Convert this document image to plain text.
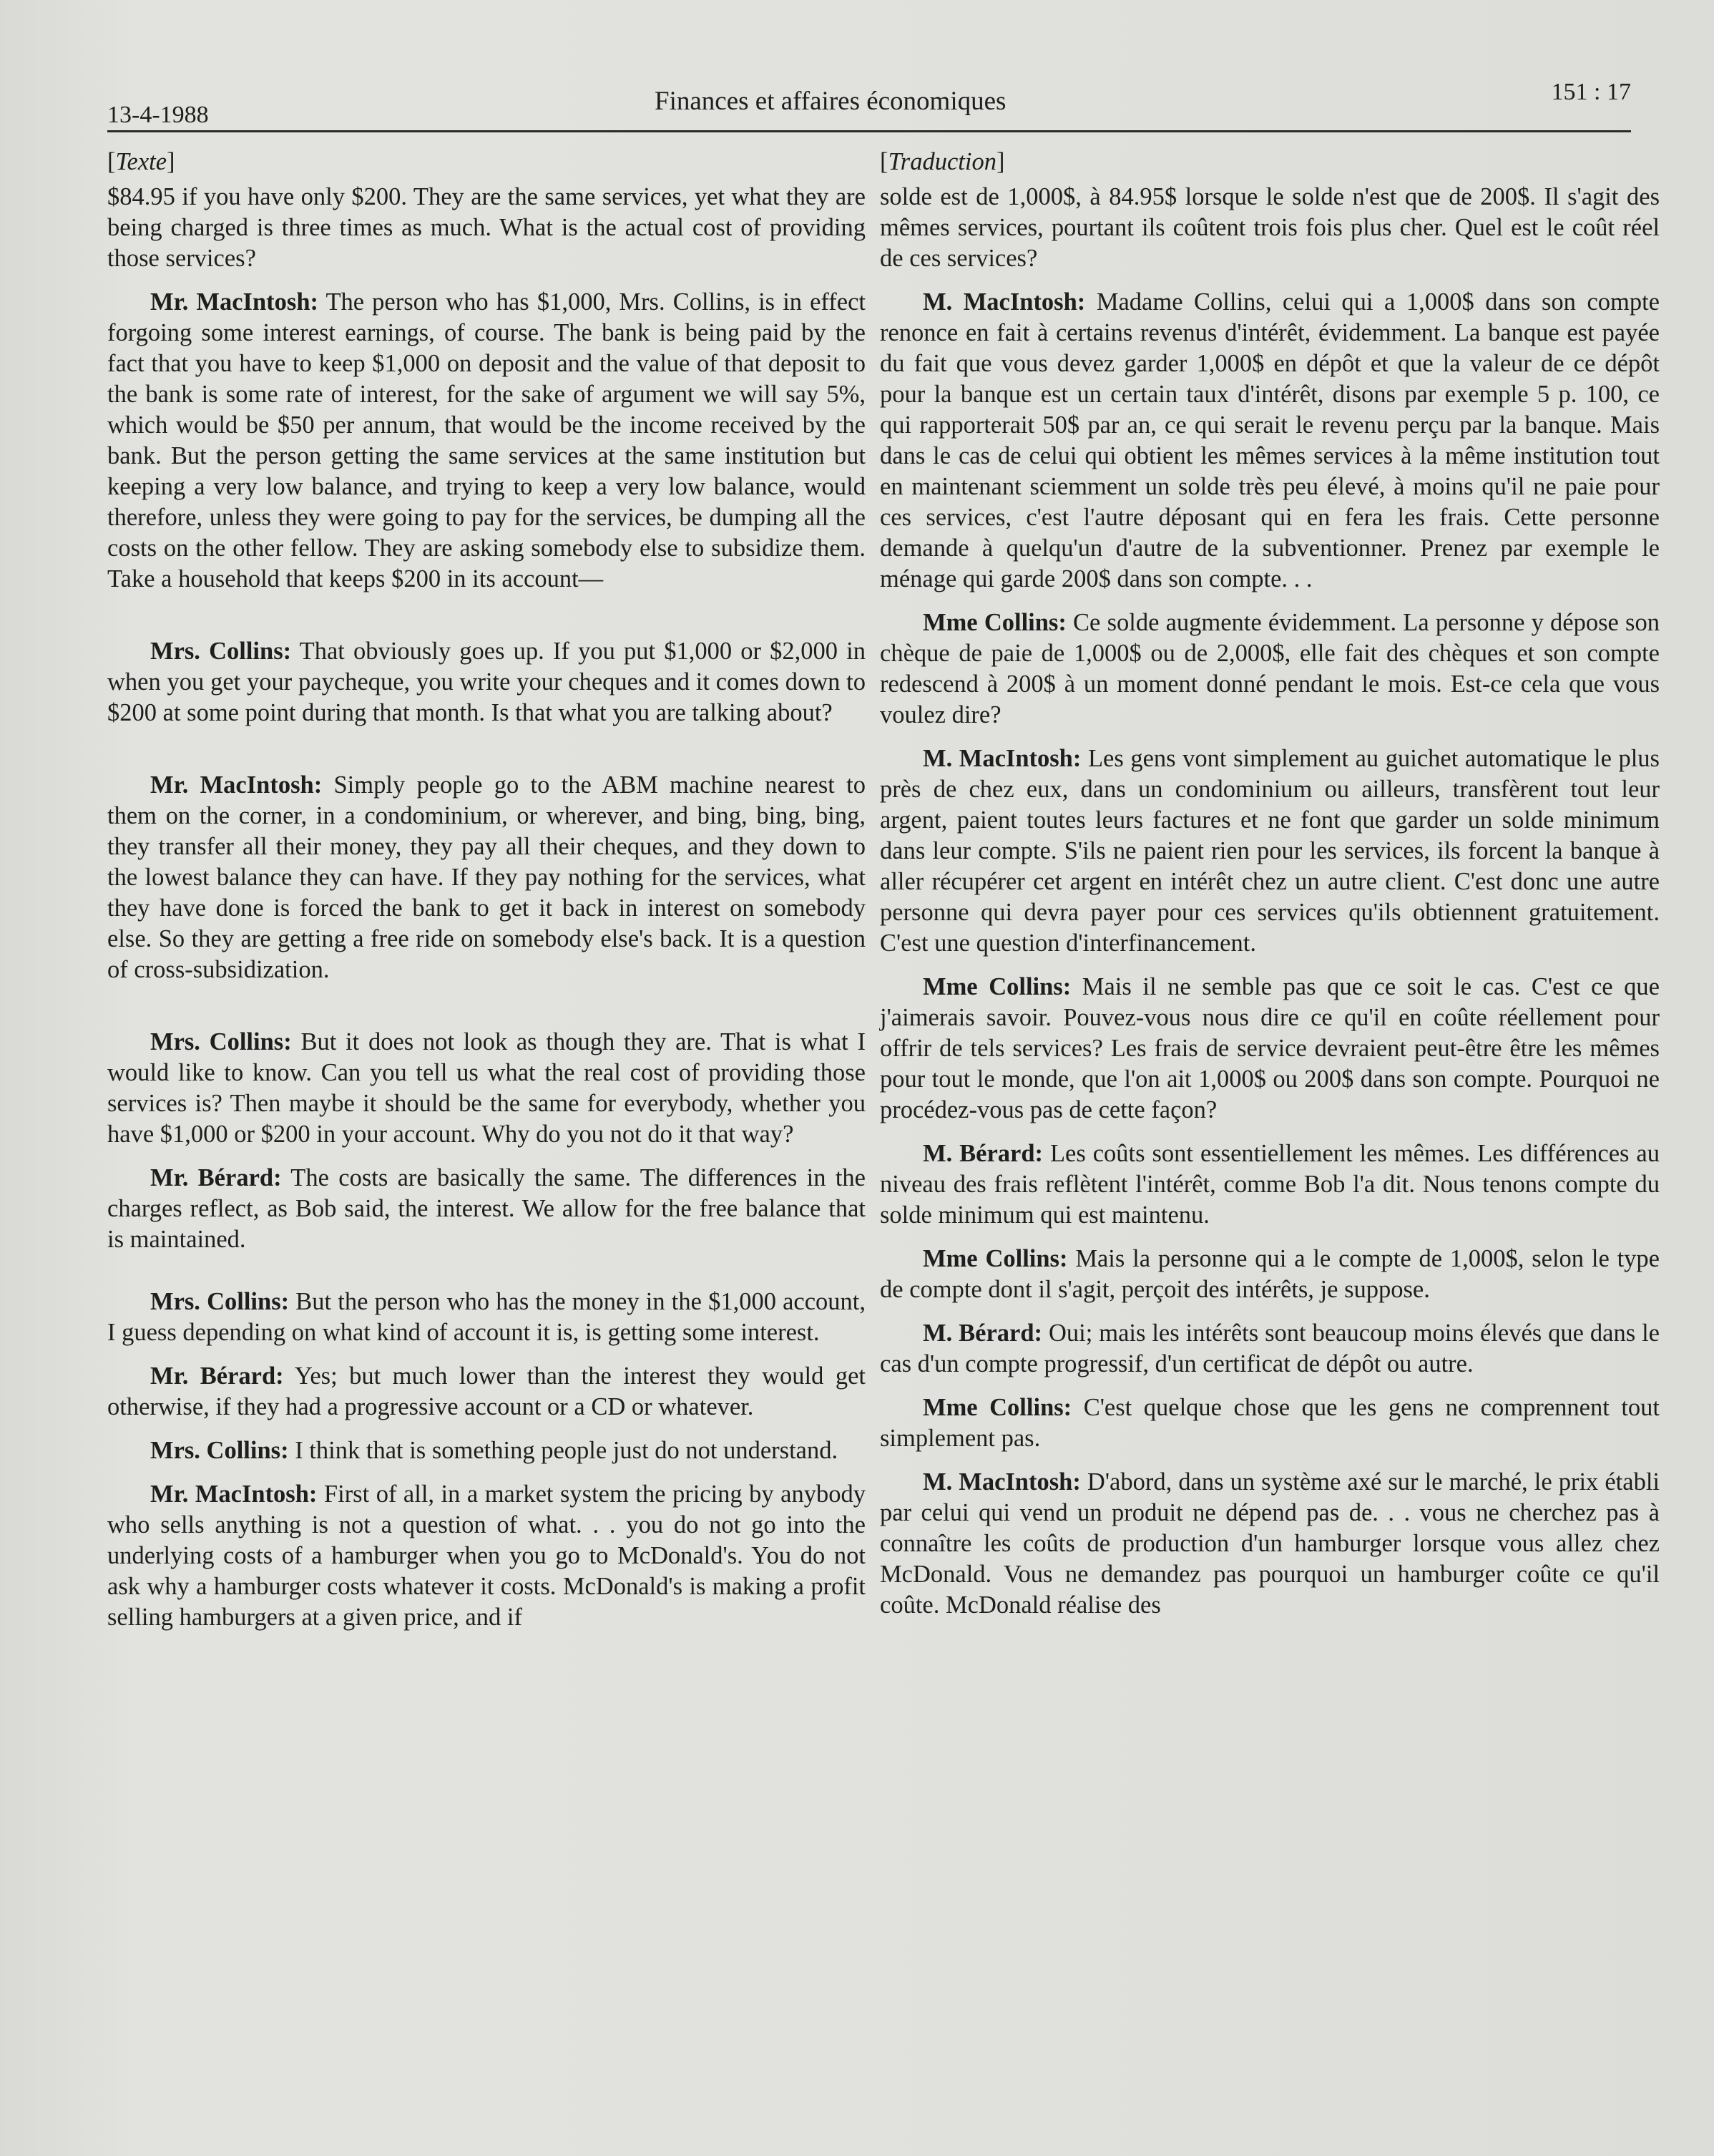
13-4-1988	Finances et affaires économiques	151 : 17

[Texte]

$84.95 if you have only $200. They are the same services, yet what they are being charged is three times as much. What is the actual cost of providing those services?

Mr. MacIntosh: The person who has $1,000, Mrs. Collins, is in effect forgoing some interest earnings, of course. The bank is being paid by the fact that you have to keep $1,000 on deposit and the value of that deposit to the bank is some rate of interest, for the sake of argument we will say 5%, which would be $50 per annum, that would be the income received by the bank. But the person getting the same services at the same institution but keeping a very low balance, and trying to keep a very low balance, would therefore, unless they were going to pay for the services, be dumping all the costs on the other fellow. They are asking somebody else to subsidize them. Take a household that keeps $200 in its account—

Mrs. Collins: That obviously goes up. If you put $1,000 or $2,000 in when you get your paycheque, you write your cheques and it comes down to $200 at some point during that month. Is that what you are talking about?

Mr. MacIntosh: Simply people go to the ABM machine nearest to them on the corner, in a condominium, or wherever, and bing, bing, bing, they transfer all their money, they pay all their cheques, and they down to the lowest balance they can have. If they pay nothing for the services, what they have done is forced the bank to get it back in interest on somebody else. So they are getting a free ride on somebody else's back. It is a question of cross-subsidization.

Mrs. Collins: But it does not look as though they are. That is what I would like to know. Can you tell us what the real cost of providing those services is? Then maybe it should be the same for everybody, whether you have $1,000 or $200 in your account. Why do you not do it that way?

Mr. Bérard: The costs are basically the same. The differences in the charges reflect, as Bob said, the interest. We allow for the free balance that is maintained.

Mrs. Collins: But the person who has the money in the $1,000 account, I guess depending on what kind of account it is, is getting some interest.

Mr. Bérard: Yes; but much lower than the interest they would get otherwise, if they had a progressive account or a CD or whatever.

Mrs. Collins: I think that is something people just do not understand.

Mr. MacIntosh: First of all, in a market system the pricing by anybody who sells anything is not a question of what. . . you do not go into the underlying costs of a hamburger when you go to McDonald's. You do not ask why a hamburger costs whatever it costs. McDonald's is making a profit selling hamburgers at a given price, and if

[Traduction]

solde est de 1,000$, à 84.95$ lorsque le solde n'est que de 200$. Il s'agit des mêmes services, pourtant ils coûtent trois fois plus cher. Quel est le coût réel de ces services?

M. MacIntosh: Madame Collins, celui qui a 1,000$ dans son compte renonce en fait à certains revenus d'intérêt, évidemment. La banque est payée du fait que vous devez garder 1,000$ en dépôt et que la valeur de ce dépôt pour la banque est un certain taux d'intérêt, disons par exemple 5 p. 100, ce qui rapporterait 50$ par an, ce qui serait le revenu perçu par la banque. Mais dans le cas de celui qui obtient les mêmes services à la même institution tout en maintenant sciemment un solde très peu élevé, à moins qu'il ne paie pour ces services, c'est l'autre déposant qui en fera les frais. Cette personne demande à quelqu'un d'autre de la subventionner. Prenez par exemple le ménage qui garde 200$ dans son compte. . .

Mme Collins: Ce solde augmente évidemment. La personne y dépose son chèque de paie de 1,000$ ou de 2,000$, elle fait des chèques et son compte redescend à 200$ à un moment donné pendant le mois. Est-ce cela que vous voulez dire?

M. MacIntosh: Les gens vont simplement au guichet automatique le plus près de chez eux, dans un condominium ou ailleurs, transfèrent tout leur argent, paient toutes leurs factures et ne font que garder un solde minimum dans leur compte. S'ils ne paient rien pour les services, ils forcent la banque à aller récupérer cet argent en intérêt chez un autre client. C'est donc une autre personne qui devra payer pour ces services qu'ils obtiennent gratuitement. C'est une question d'interfinancement.

Mme Collins: Mais il ne semble pas que ce soit le cas. C'est ce que j'aimerais savoir. Pouvez-vous nous dire ce qu'il en coûte réellement pour offrir de tels services? Les frais de service devraient peut-être être les mêmes pour tout le monde, que l'on ait 1,000$ ou 200$ dans son compte. Pourquoi ne procédez-vous pas de cette façon?

M. Bérard: Les coûts sont essentiellement les mêmes. Les différences au niveau des frais reflètent l'intérêt, comme Bob l'a dit. Nous tenons compte du solde minimum qui est maintenu.

Mme Collins: Mais la personne qui a le compte de 1,000$, selon le type de compte dont il s'agit, perçoit des intérêts, je suppose.

M. Bérard: Oui; mais les intérêts sont beaucoup moins élevés que dans le cas d'un compte progressif, d'un certificat de dépôt ou autre.

Mme Collins: C'est quelque chose que les gens ne comprennent tout simplement pas.

M. MacIntosh: D'abord, dans un système axé sur le marché, le prix établi par celui qui vend un produit ne dépend pas de. . . vous ne cherchez pas à connaître les coûts de production d'un hamburger lorsque vous allez chez McDonald. Vous ne demandez pas pourquoi un hamburger coûte ce qu'il coûte. McDonald réalise des
